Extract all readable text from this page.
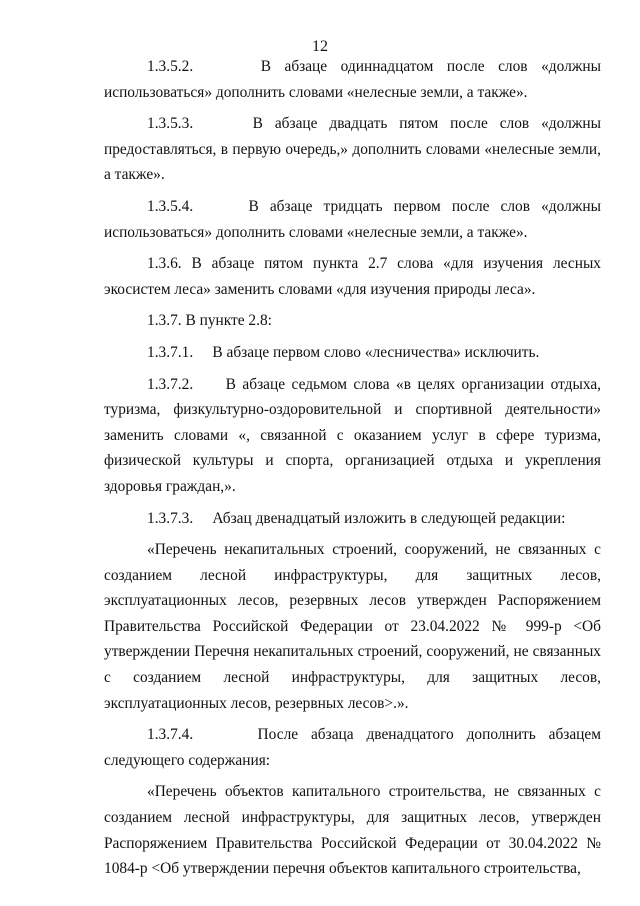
12

1.3.5.2.     В абзаце одиннадцатом после слов «должны использоваться» дополнить словами «нелесные земли, а также».

1.3.5.3.     В абзаце двадцать пятом после слов «должны предоставляться, в первую очередь,» дополнить словами «нелесные земли, а также».

1.3.5.4.     В абзаце тридцать первом после слов «должны использоваться» дополнить словами «нелесные земли, а также».

1.3.6. В абзаце пятом пункта 2.7 слова «для изучения лесных экосистем леса» заменить словами «для изучения природы леса».

1.3.7. В пункте 2.8:

1.3.7.1.     В абзаце первом слово «лесничества» исключить.

1.3.7.2.     В абзаце седьмом слова «в целях организации отдыха, туризма, физкультурно-оздоровительной и спортивной деятельности» заменить словами «, связанной с оказанием услуг в сфере туризма, физической культуры и спорта, организацией отдыха и укрепления здоровья граждан,».

1.3.7.3.     Абзац двенадцатый изложить в следующей редакции:

«Перечень некапитальных строений, сооружений, не связанных с созданием лесной инфраструктуры, для защитных лесов, эксплуатационных лесов, резервных лесов утвержден Распоряжением Правительства Российской Федерации от 23.04.2022 № 999-р <Об утверждении Перечня некапитальных строений, сооружений, не связанных с созданием лесной инфраструктуры, для защитных лесов, эксплуатационных лесов, резервных лесов>.».

1.3.7.4.     После абзаца двенадцатого дополнить абзацем следующего содержания:

«Перечень объектов капитального строительства, не связанных с созданием лесной инфраструктуры, для защитных лесов, утвержден Распоряжением Правительства Российской Федерации от 30.04.2022 № 1084-р <Об утверждении перечня объектов капитального строительства,
